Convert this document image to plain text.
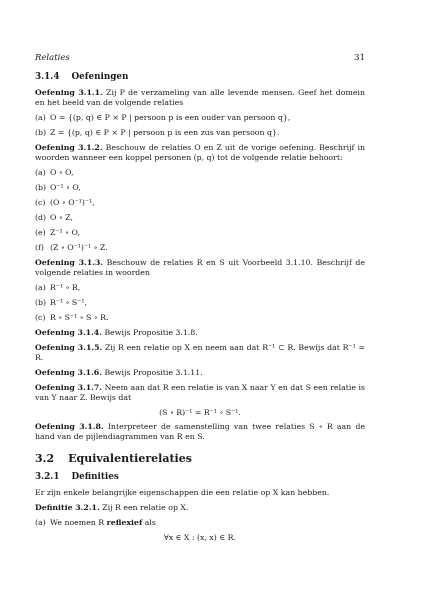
Relaties	31
3.1.4 Oefeningen
Oefening 3.1.1. Zij P de verzameling van alle levende mensen. Geef het domein en het beeld van de volgende relaties
(a) O = {(p, q) ∈ P × P | persoon p is een ouder van persoon q},
(b) Z = {(p, q) ∈ P × P | persoon p is een zus van persoon q}.
Oefening 3.1.2. Beschouw de relaties O en Z uit de vorige oefening. Beschrijf in woorden wanneer een koppel personen (p, q) tot de volgende relatie behoort:
(a) O ∘ O,
(b) O⁻¹ ∘ O,
(c) (O ∘ O⁻¹)⁻¹,
(d) O ∘ Z,
(e) Z⁻¹ ∘ O,
(f) (Z ∘ O⁻¹)⁻¹ ∘ Z.
Oefening 3.1.3. Beschouw de relaties R en S uit Voorbeeld 3.1.10. Beschrijf de volgende relaties in woorden
(a) R⁻¹ ∘ R,
(b) R⁻¹ ∘ S⁻¹,
(c) R ∘ S⁻¹ ∘ S ∘ R.
Oefening 3.1.4. Bewijs Propositie 3.1.8.
Oefening 3.1.5. Zij R een relatie op X en neem aan dat R⁻¹ ⊂ R. Bewijs dat R⁻¹ = R.
Oefening 3.1.6. Bewijs Propositie 3.1.11.
Oefening 3.1.7. Neem aan dat R een relatie is van X naar Y en dat S een relatie is van Y naar Z. Bewijs dat
(S ∘ R)⁻¹ = R⁻¹ ∘ S⁻¹.
Oefening 3.1.8. Interpreteer de samenstelling van twee relaties S ∘ R aan de hand van de pijlendiagrammen van R en S.
3.2 Equivalentierelaties
3.2.1 Definities
Er zijn enkele belangrijke eigenschappen die een relatie op X kan hebben.
Definitie 3.2.1. Zij R een relatie op X.
(a) We noemen R reflexief als
∀x ∈ X : (x, x) ∈ R.
